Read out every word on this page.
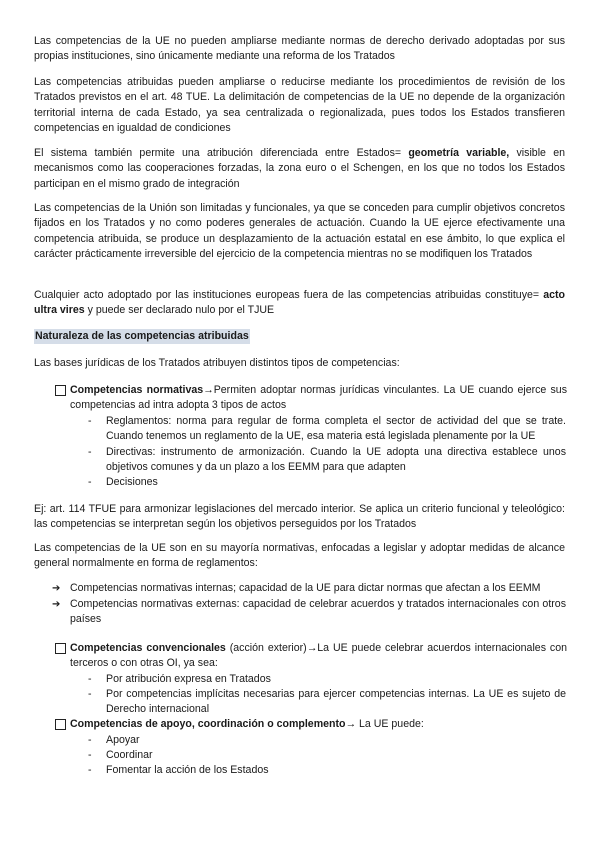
Las competencias de la UE no pueden ampliarse mediante normas de derecho derivado adoptadas por sus propias instituciones, sino únicamente mediante una reforma de los Tratados

Las competencias atribuidas pueden ampliarse o reducirse mediante los procedimientos de revisión de los Tratados previstos en el art. 48 TUE. La delimitación de competencias de la UE no depende de la organización territorial interna de cada Estado, ya sea centralizada o regionalizada, pues todos los Estados transfieren competencias en igualdad de condiciones

El sistema también permite una atribución diferenciada entre Estados= geometría variable, visible en mecanismos como las cooperaciones forzadas, la zona euro o el Schengen, en los que no todos los Estados participan en el mismo grado de integración

Las competencias de la Unión son limitadas y funcionales, ya que se conceden para cumplir objetivos concretos fijados en los Tratados y no como poderes generales de actuación. Cuando la UE ejerce efectivamente una competencia atribuida, se produce un desplazamiento de la actuación estatal en ese ámbito, lo que explica el carácter prácticamente irreversible del ejercicio de la competencia mientras no se modifiquen los Tratados

Cualquier acto adoptado por las instituciones europeas fuera de las competencias atribuidas constituye= acto ultra vires y puede ser declarado nulo por el TJUE

Naturaleza de las competencias atribuidas

Las bases jurídicas de los Tratados atribuyen distintos tipos de competencias:

Competencias normativas→Permiten adoptar normas jurídicas vinculantes. La UE cuando ejerce sus competencias ad intra adopta 3 tipos de actos
- Reglamentos: norma para regular de forma completa el sector de actividad del que se trate. Cuando tenemos un reglamento de la UE, esa materia está legislada plenamente por la UE
- Directivas: instrumento de armonización. Cuando la UE adopta una directiva establece unos objetivos comunes y da un plazo a los EEMM para que adapten
- Decisiones

Ej: art. 114 TFUE para armonizar legislaciones del mercado interior. Se aplica un criterio funcional y teleológico: las competencias se interpretan según los objetivos perseguidos por los Tratados

Las competencias de la UE son en su mayoría normativas, enfocadas a legislar y adoptar medidas de alcance general normalmente en forma de reglamentos:

➔ Competencias normativas internas; capacidad de la UE para dictar normas que afectan a los EEMM
➔ Competencias normativas externas: capacidad de celebrar acuerdos y tratados internacionales con otros países
Competencias convencionales (acción exterior)→La UE puede celebrar acuerdos internacionales con terceros o con otras OI, ya sea:
- Por atribución expresa en Tratados
- Por competencias implícitas necesarias para ejercer competencias internas. La UE es sujeto de Derecho internacional
Competencias de apoyo, coordinación o complemento→ La UE puede:
- Apoyar
- Coordinar
- Fomentar la acción de los Estados
